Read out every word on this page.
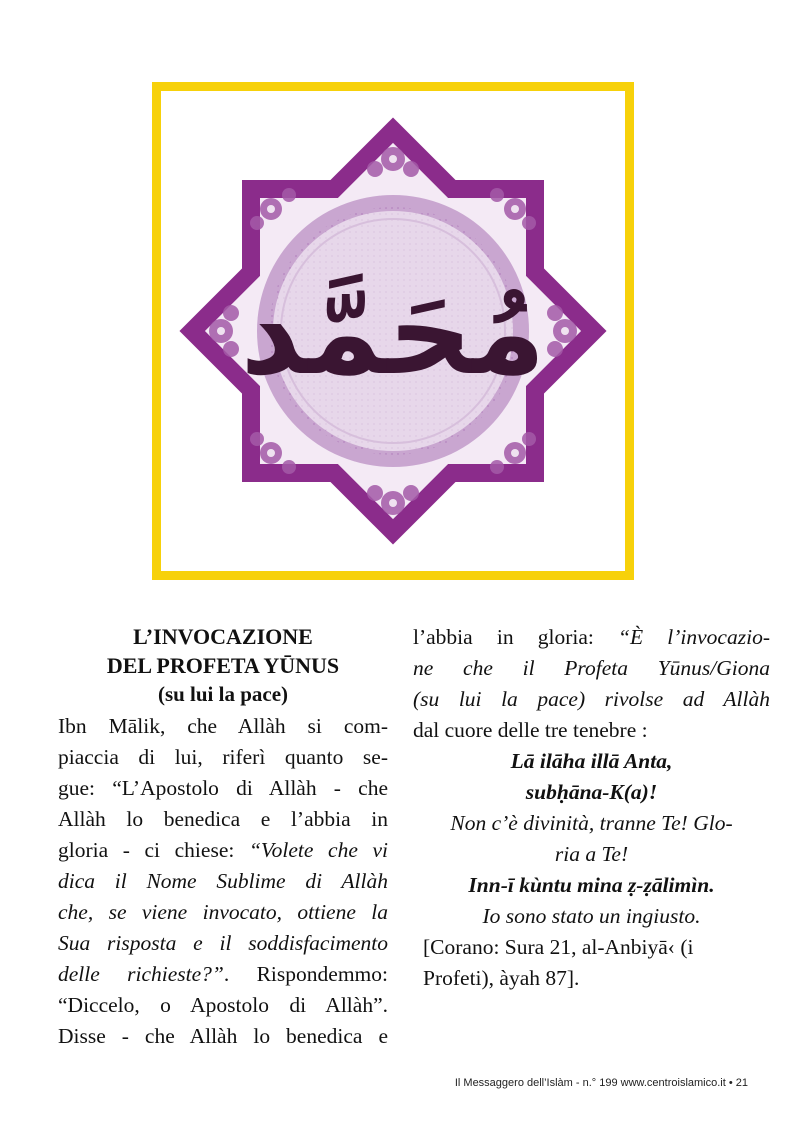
مُحَمَّد

L’INVOCAZIONE
DEL PROFETA YŪNUS

(su lui la pace)

Ibn Mālik, che Allàh si com-
piaccia di lui, riferì quanto se-
gue: “L’Apostolo di Allàh - che
Allàh lo benedica e l’abbia in
gloria - ci chiese: “Volete che vi
dica il Nome Sublime di Allàh
che, se viene invocato, ottiene la
Sua risposta e il soddisfacimento
delle richieste?”. Rispondemmo:
“Diccelo, o Apostolo di Allàh”.
Disse - che Allàh lo benedica e
l’abbia in gloria: “È l’invocazio-
ne che il Profeta Yūnus/Giona
(su lui la pace) rivolse ad Allàh
dal cuore delle tre tenebre :
Lā ilāha illā Anta,
subḥāna-K(a)!
Non c’è divinità, tranne Te! Glo-
ria a Te!
Inn-ī kùntu mina ẓ-ẓālimìn.
Io sono stato un ingiusto.
[Corano: Sura 21, al-Anbiyā‹ (i
Profeti), àyah 87].
Il Messaggero dell’Islàm - n.° 199 www.centroislamico.it • 21
